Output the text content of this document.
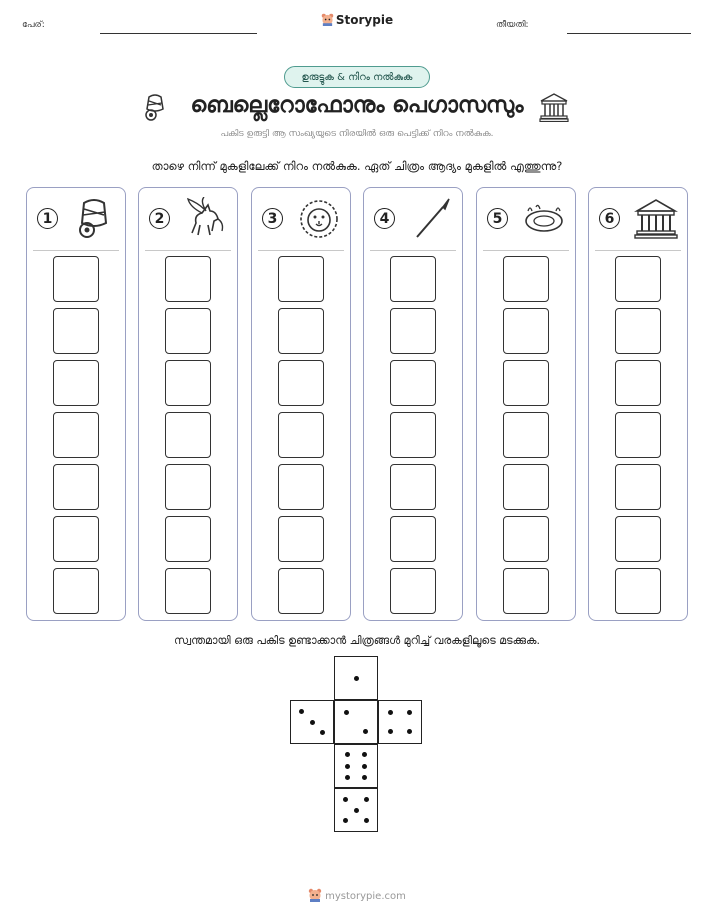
പേര്:	Storypie	തീയതി:
ഉരുട്ടുക & നിറം നൽകുക
ബെല്ലെറോഫോനും പെഗാസസും
പകിട ഉരുട്ടി ആ സംഖ്യയുടെ നിരയിൽ ഒരു പെട്ടിക്ക് നിറം നൽകുക.
താഴെ നിന്ന് മുകളിലേക്ക് നിറം നൽകുക. ഏത് ചിത്രം ആദ്യം മുകളിൽ എത്തുന്നു?
1	2	3	4	5	6
സ്വന്തമായി ഒരു പകിട ഉണ്ടാക്കാൻ ചിത്രങ്ങൾ മുറിച്ച് വരകളിലൂടെ മടക്കുക.
mystorypie.com
